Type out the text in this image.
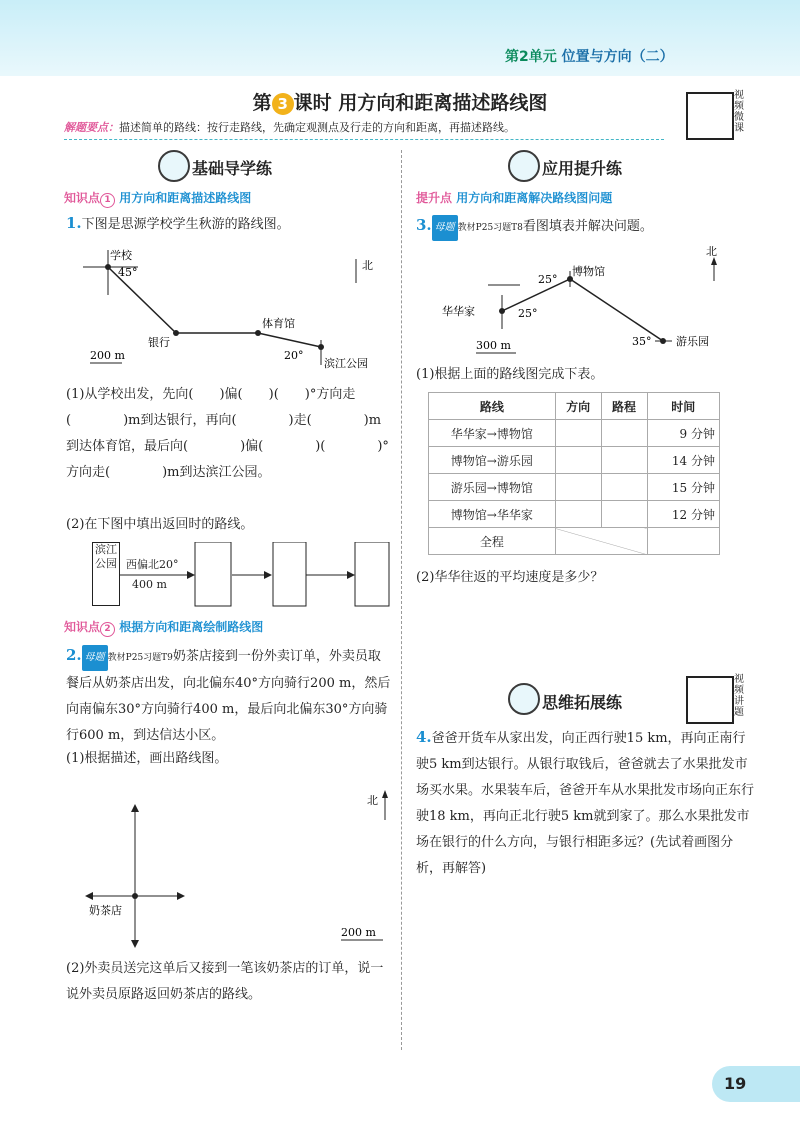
第2单元 位置与方向（二）
第 3 课时 用方向和距离描述路线图	视频微课
解题要点：描述简单的路线：按行走路线，先确定观测点及行走的方向和距离，再描述路线。
基础导学练
知识点 1 用方向和距离描述路线图
1.下图是思源学校学生秋游的路线图。
学校
45°
银行
体育馆
20°
滨江公园
200 m
北
(1)从学校出发，先向(　　)偏(　　)(　　)°方向走(　　　　)m到达银行，再向(　　　　)走(　　　　)m到达体育馆，最后向(　　　　)偏(　　　　)(　　　　)°方向走(　　　　)m到达滨江公园。
(2)在下图中填出返回时的路线。
滨江公园 西偏北20°
400 m
知识点 2 根据方向和距离绘制路线图
2. 母题 教材P25习题T9奶茶店接到一份外卖订单，外卖员取餐后从奶茶店出发，向北偏东40°方向骑行200 m，然后向南偏东30°方向骑行400 m，最后向北偏东30°方向骑行600 m，到达信达小区。
(1)根据描述，画出路线图。
奶茶店
北
200 m
(2)外卖员送完这单后又接到一笔该奶茶店的订单，说一说外卖员原路返回奶茶店的路线。
应用提升练
提升点 用方向和距离解决路线图问题
3. 母题 教材P25习题T8看图填表并解决问题。
博物馆
25°
华华家	25°
35° 游乐园
300 m
北
(1)根据上面的路线图完成下表。
路线	方向	路程	时间
华华家→博物馆			9 分钟
博物馆→游乐园			14 分钟
游乐园→博物馆			15 分钟
博物馆→华华家			12 分钟
全程			
(2)华华往返的平均速度是多少？
思维拓展练
视频讲题
4.爸爸开货车从家出发，向正西行驶15 km，再向正南行驶5 km到达银行。从银行取钱后，爸爸就去了水果批发市场买水果。水果装车后，爸爸开车从水果批发市场向正东行驶18 km，再向正北行驶5 km就到家了。那么水果批发市场在银行的什么方向，与银行相距多远？(先试着画图分析，再解答)
19
